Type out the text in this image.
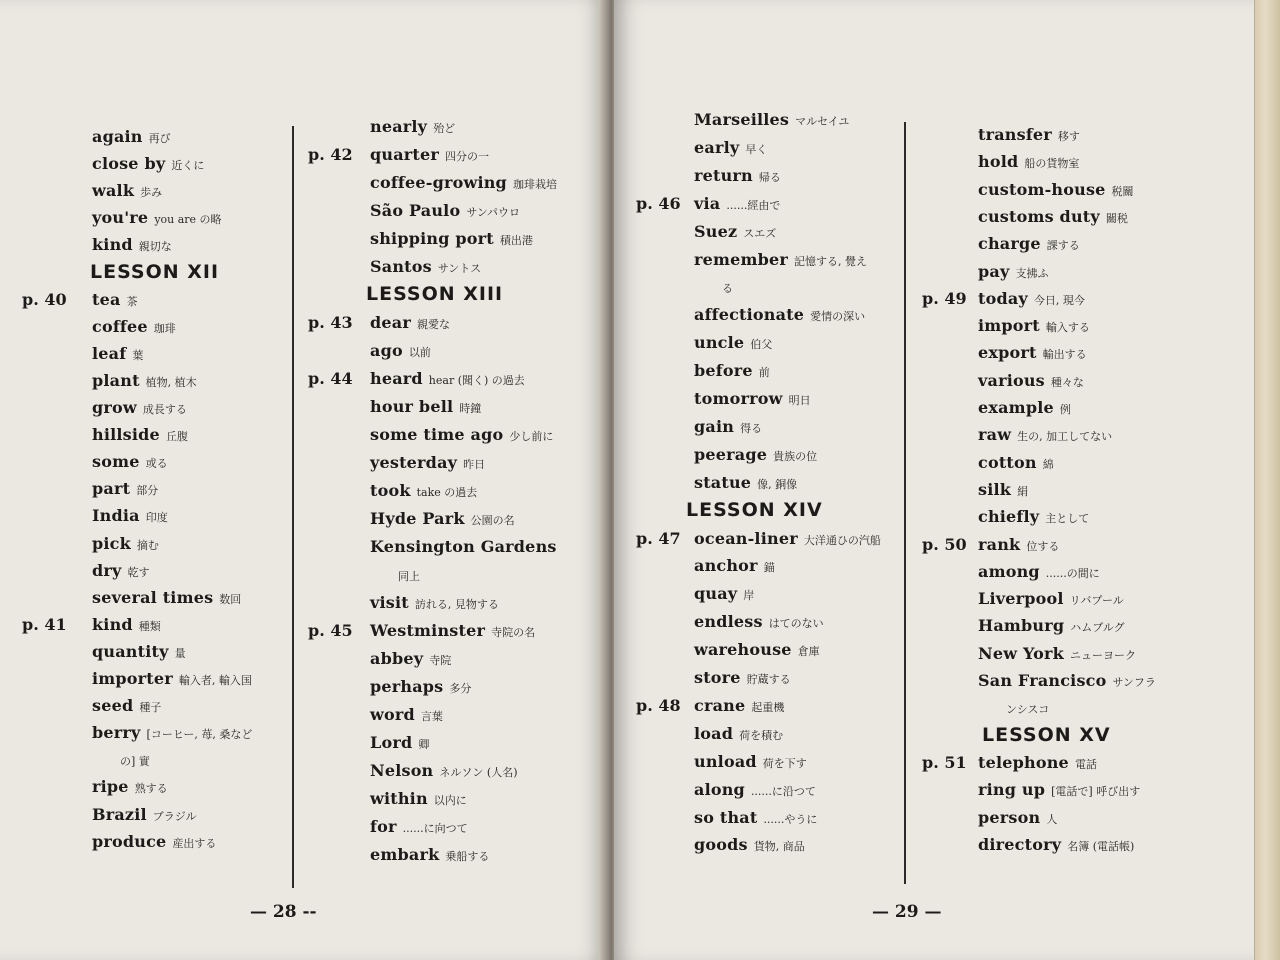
again 再び
close by 近くに
walk 歩み
you're you are の略
kind 親切な
LESSON XII
p. 40 tea 茶
coffee 珈琲
leaf 葉
plant 植物, 植木
grow 成長する
hillside 丘腹
some 或る
part 部分
India 印度
pick 摘む
dry 乾す
several times 数回
p. 41 kind 種類
quantity 量
importer 輸入者, 輸入国
seed 種子
berry [コーヒー, 苺, 桑など
の] 實
ripe 熟する
Brazil ブラジル
produce 産出する
nearly 殆ど
p. 42 quarter 四分の一
coffee-growing 珈琲栽培
São Paulo サンパウロ
shipping port 積出港
Santos サントス
LESSON XIII
p. 43 dear 親愛な
ago 以前
p. 44 heard hear (聞く) の過去
hour bell 時鐘
some time ago 少し前に
yesterday 昨日
took take の過去
Hyde Park 公園の名
Kensington Gardens
同上
visit 訪れる, 見物する
p. 45 Westminster 寺院の名
abbey 寺院
perhaps 多分
word 言葉
Lord 卿
Nelson ネルソン (人名)
within 以内に
for ......に向つて
embark 乗船する
— 28 --
Marseilles マルセイユ
early 早く
return 帰る
p. 46 via ......經由で
Suez スエズ
remember 記憶する, 覺え
る
affectionate 愛情の深い
uncle 伯父
before 前
tomorrow 明日
gain 得る
peerage 貴族の位
statue 像, 銅像
LESSON XIV
p. 47 ocean-liner 大洋通ひの汽船
anchor 錨
quay 岸
endless はてのない
warehouse 倉庫
store 貯蔵する
p. 48 crane 起重機
load 荷を積む
unload 荷を下す
along ......に沿つて
so that ......やうに
goods 貨物, 商品
transfer 移す
hold 船の貨物室
custom-house 税關
customs duty 關税
charge 課する
pay 支拂ふ
p. 49 today 今日, 現今
import 輸入する
export 輸出する
various 種々な
example 例
raw 生の, 加工してない
cotton 綿
silk 絹
chiefly 主として
p. 50 rank 位する
among ......の間に
Liverpool リバプール
Hamburg ハムブルグ
New York ニューヨーク
San Francisco サンフラ
ンシスコ
LESSON XV
p. 51 telephone 電話
ring up [電話で] 呼び出す
person 人
directory 名簿 (電話帳)
— 29 —
